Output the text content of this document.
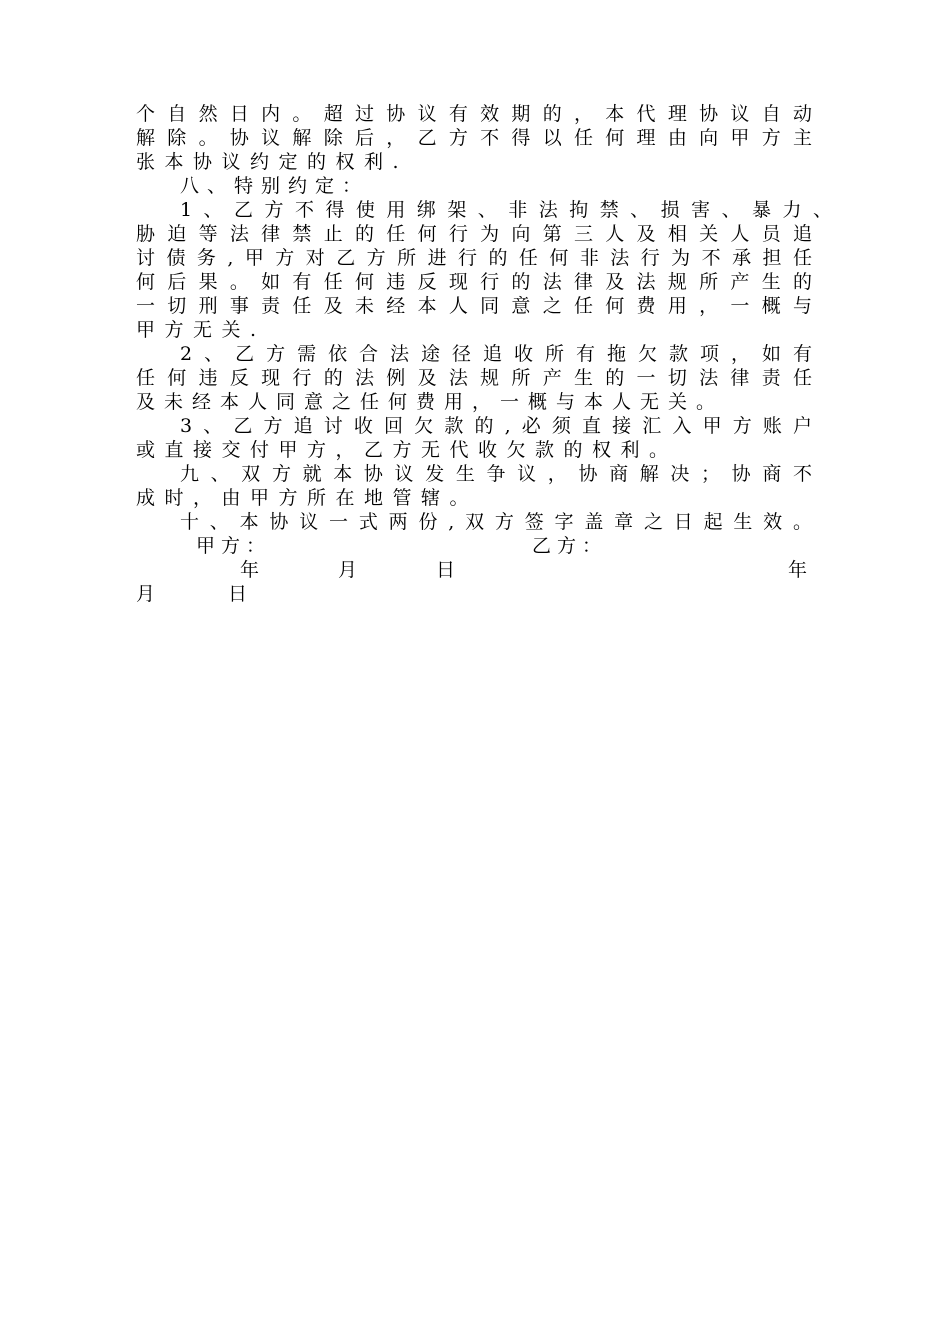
个自然日内。超过协议有效期的，本代理协议自动
解除。协议解除后，乙方不得以任何理由向甲方主
张本协议约定的权利.
八、特别约定：
1、乙方不得使用绑架、非法拘禁、损害、暴力、
胁迫等法律禁止的任何行为向第三人及相关人员追
讨债务,甲方对乙方所进行的任何非法行为不承担任
何后果。如有任何违反现行的法律及法规所产生的
一切刑事责任及未经本人同意之任何费用，一概与
甲方无关.
2、乙方需依合法途径追收所有拖欠款项，如有
任何违反现行的法例及法规所产生的一切法律责任
及未经本人同意之任何费用，一概与本人无关。
3、乙方追讨收回欠款的,必须直接汇入甲方账户
或直接交付甲方，乙方无代收欠款的权利。
九、双方就本协议发生争议，协商解决；协商不
成时，由甲方所在地管辖。
十、本协议一式两份,双方签字盖章之日起生效。
甲方：	乙方：
年	月	日	年
月	日
